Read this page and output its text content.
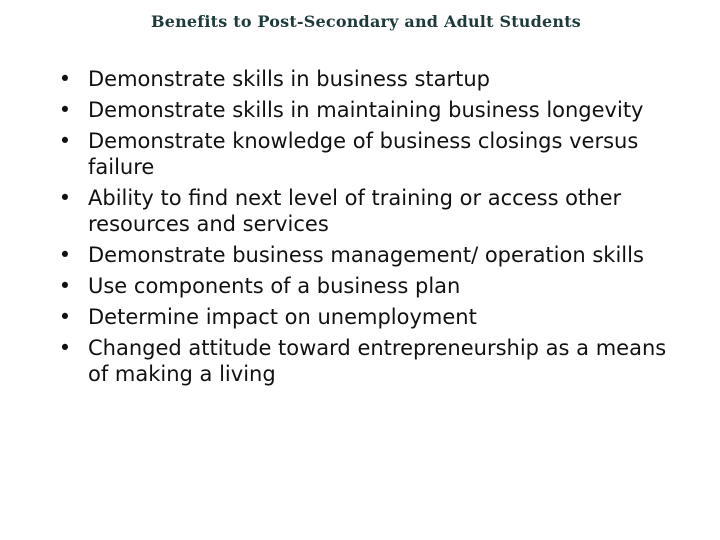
Benefits to Post-Secondary and Adult Students
• Demonstrate skills in business startup
• Demonstrate skills in maintaining business longevity
• Demonstrate knowledge of business closings versus failure
• Ability to find next level of training or access other resources and services
• Demonstrate business management/ operation skills
• Use components of a business plan
• Determine impact on unemployment
• Changed attitude toward entrepreneurship as a means of making a living
